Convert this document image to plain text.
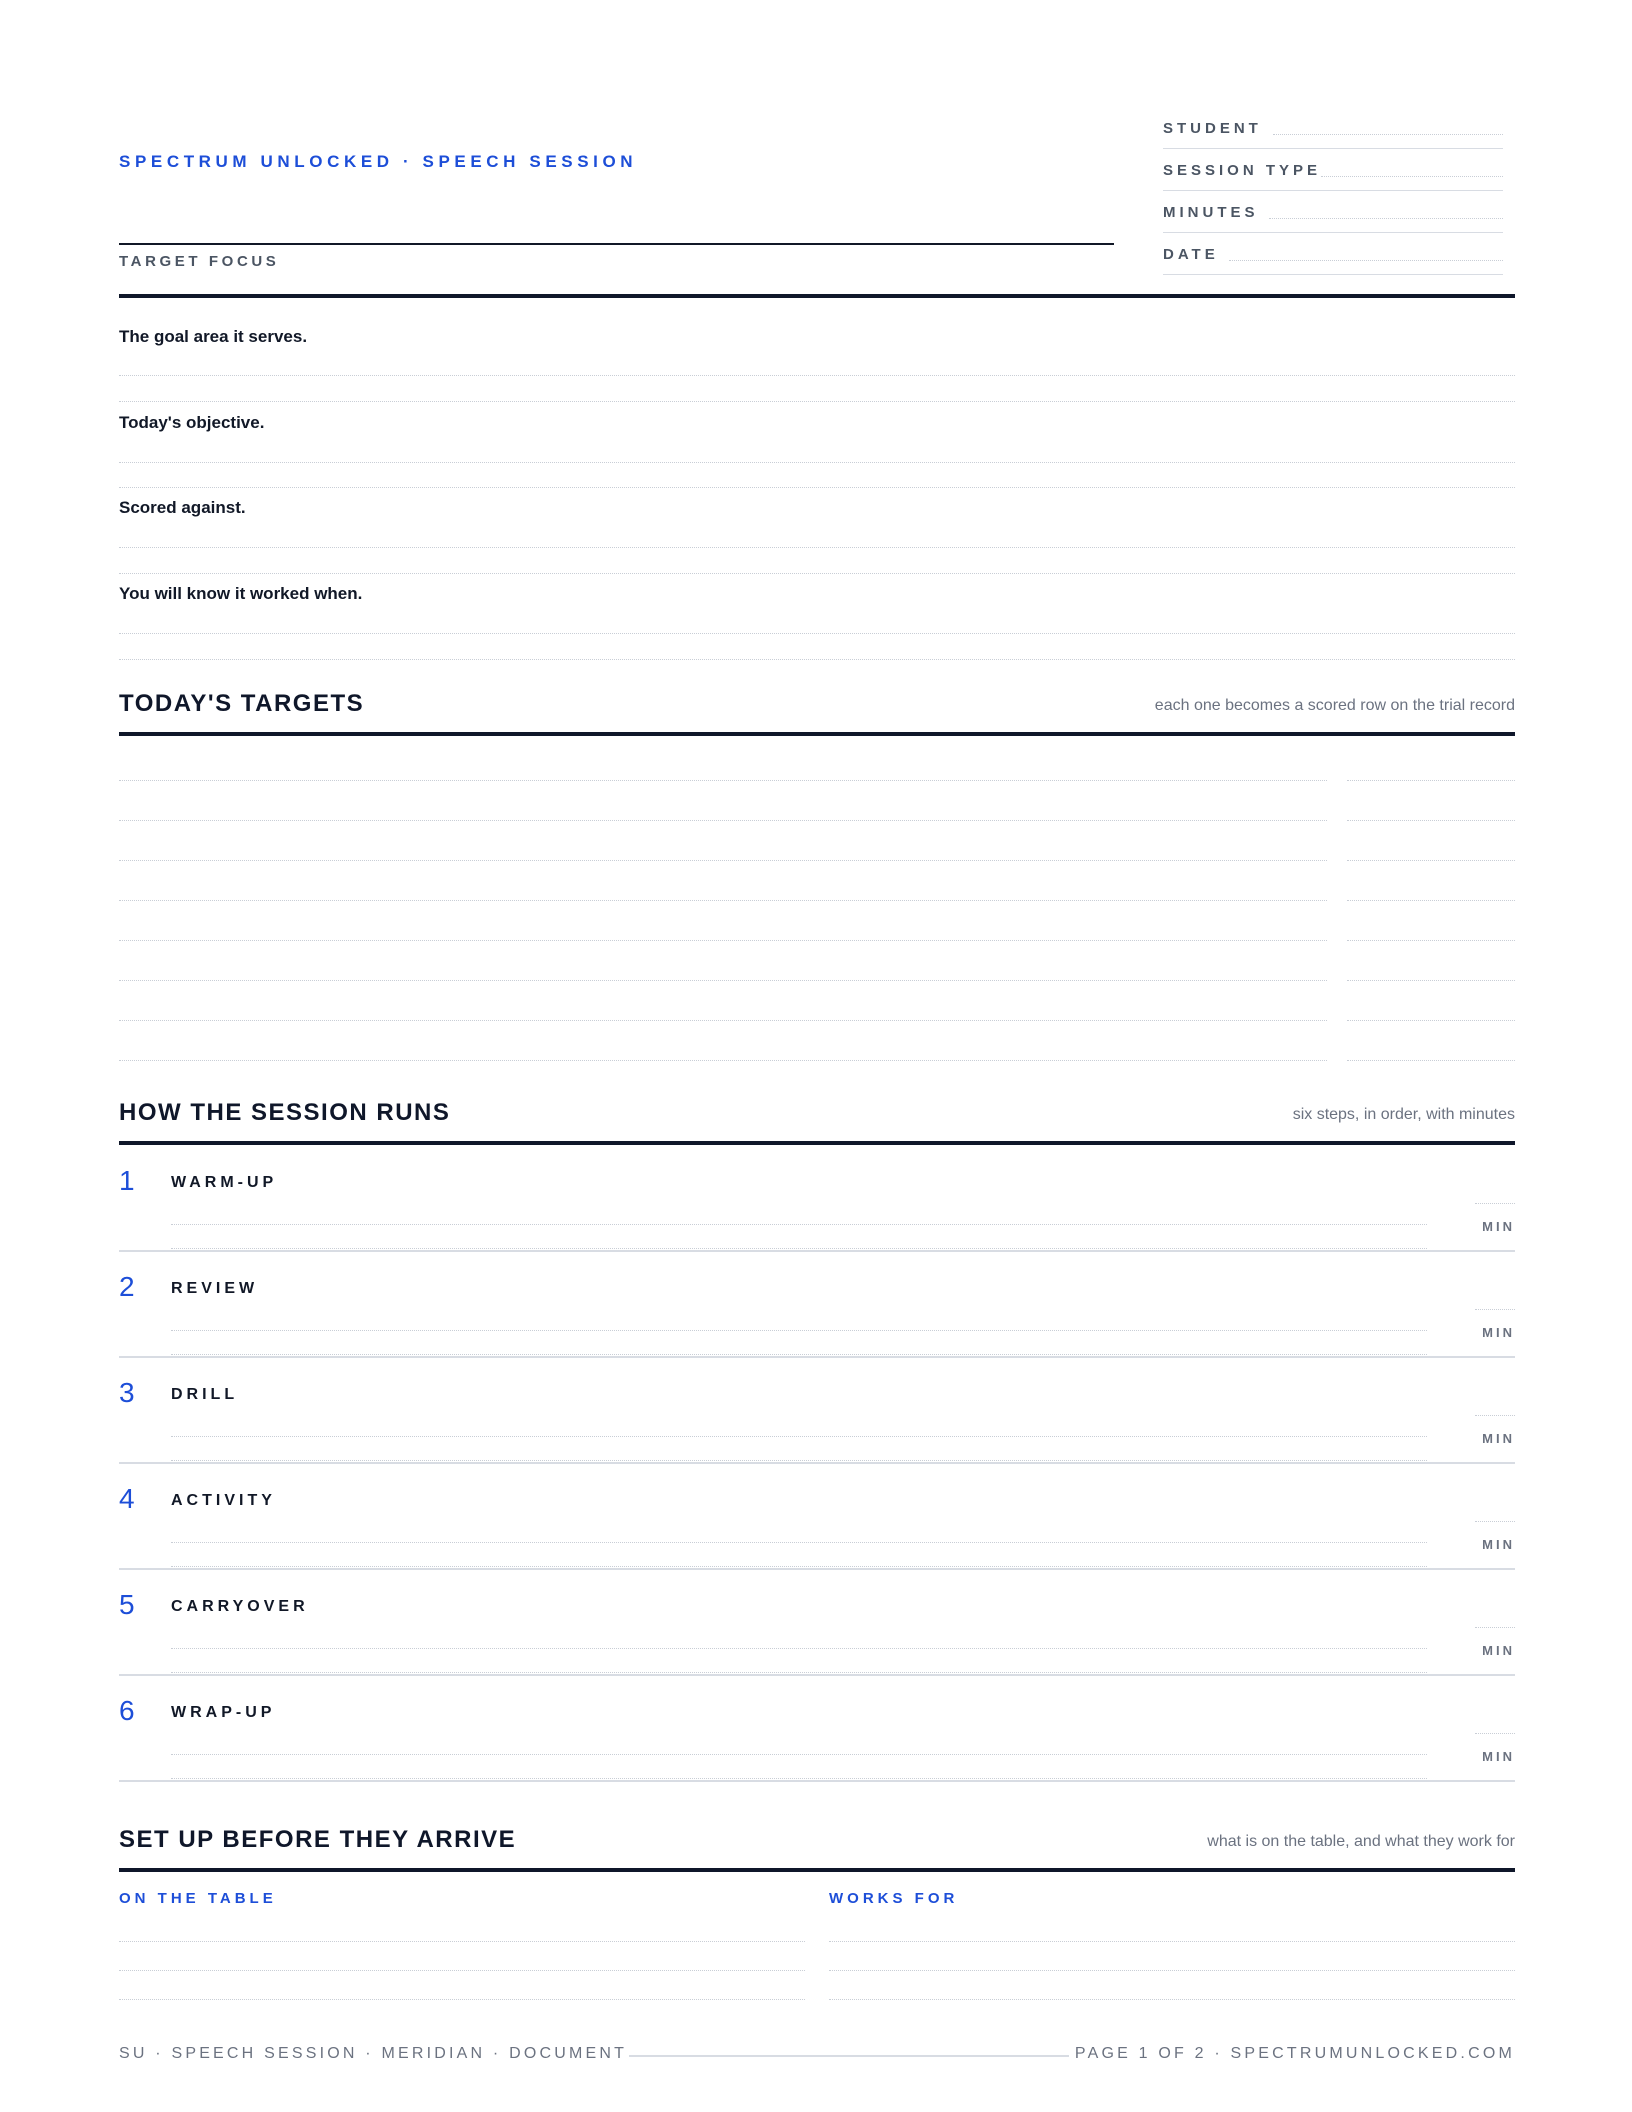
SPECTRUM UNLOCKED · SPEECH SESSION
TARGET FOCUS
STUDENT
SESSION TYPE
MINUTES
DATE
The goal area it serves.
Today's objective.
Scored against.
You will know it worked when.
TODAY'S TARGETS	each one becomes a scored row on the trial record
HOW THE SESSION RUNS	six steps, in order, with minutes
1 WARM-UP
MIN
2 REVIEW
MIN
3 DRILL
MIN
4 ACTIVITY
MIN
5 CARRYOVER
MIN
6 WRAP-UP
MIN
SET UP BEFORE THEY ARRIVE	what is on the table, and what they work for
ON THE TABLE	WORKS FOR
SU · SPEECH SESSION · MERIDIAN · DOCUMENT	PAGE 1 OF 2 · SPECTRUMUNLOCKED.COM
